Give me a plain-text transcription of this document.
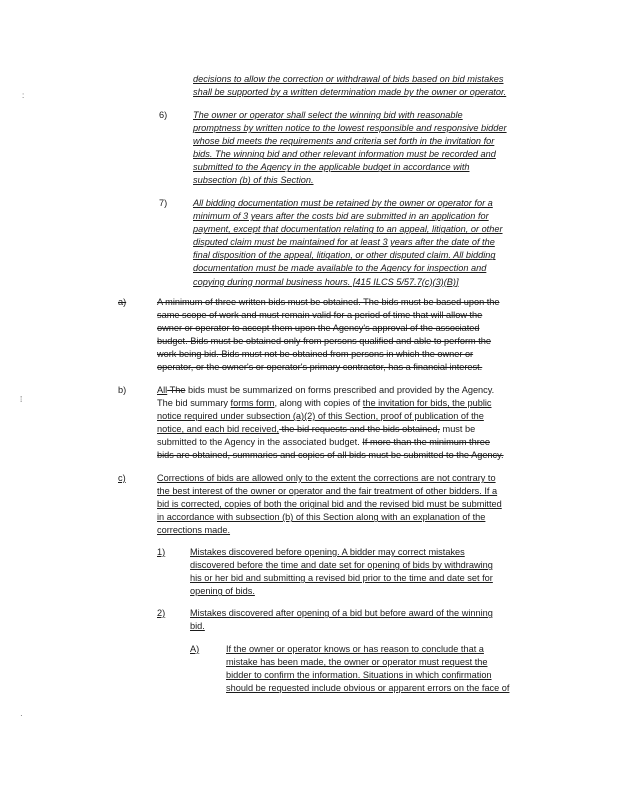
:
⁞
·
decisions to allow the correction or withdrawal of bids based on bid mistakes
shall be supported by a written determination made by the owner or operator.
6)	The owner or operator shall select the winning bid with reasonable
promptness by written notice to the lowest responsible and responsive bidder
whose bid meets the requirements and criteria set forth in the invitation for
bids. The winning bid and other relevant information must be recorded and
submitted to the Agency in the applicable budget in accordance with
subsection (b) of this Section.
7)	All bidding documentation must be retained by the owner or operator for a
minimum of 3 years after the costs bid are submitted in an application for
payment, except that documentation relating to an appeal, litigation, or other
disputed claim must be maintained for at least 3 years after the date of the
final disposition of the appeal, litigation, or other disputed claim. All bidding
documentation must be made available to the Agency for inspection and
copying during normal business hours. [415 ILCS 5/57.7(c)(3)(B)]
a)	A minimum of three written bids must be obtained. The bids must be based upon the
same scope of work and must remain valid for a period of time that will allow the
owner or operator to accept them upon the Agency's approval of the associated
budget. Bids must be obtained only from persons qualified and able to perform the
work being bid. Bids must not be obtained from persons in which the owner or
operator, or the owner's or operator's primary contractor, has a financial interest.
b)	All The bids must be summarized on forms prescribed and provided by the Agency.
The bid summary forms form, along with copies of the invitation for bids, the public
notice required under subsection (a)(2) of this Section, proof of publication of the
notice, and each bid received, the bid requests and the bids obtained, must be
submitted to the Agency in the associated budget. If more than the minimum three
bids are obtained, summaries and copies of all bids must be submitted to the Agency.
c)	Corrections of bids are allowed only to the extent the corrections are not contrary to
the best interest of the owner or operator and the fair treatment of other bidders. If a
bid is corrected, copies of both the original bid and the revised bid must be submitted
in accordance with subsection (b) of this Section along with an explanation of the
corrections made.
1)	Mistakes discovered before opening. A bidder may correct mistakes
discovered before the time and date set for opening of bids by withdrawing
his or her bid and submitting a revised bid prior to the time and date set for
opening of bids.
2)	Mistakes discovered after opening of a bid but before award of the winning
bid.
A)	If the owner or operator knows or has reason to conclude that a
mistake has been made, the owner or operator must request the
bidder to confirm the information. Situations in which confirmation
should be requested include obvious or apparent errors on the face of
